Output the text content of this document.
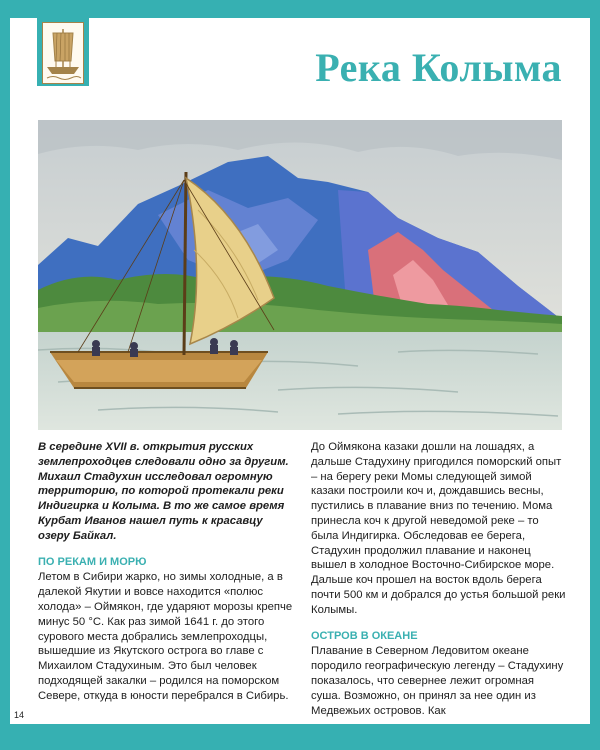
Река Колыма

В середине XVII в. открытия русских землепроходцев следовали одно за другим. Михаил Стадухин исследовал огромную территорию, по которой протекали реки Индигирка и Колыма. В то же самое время Курбат Иванов нашел путь к красавцу озеру Байкал.

ПО РЕКАМ И МОРЮ

Летом в Сибири жарко, но зимы холодные, а в далекой Якутии и вовсе находится «полюс холода» – Оймякон, где ударяют морозы крепче минус 50 °С. Как раз зимой 1641 г. до этого сурового места добрались землепроходцы, вышедшие из Якутского острога во главе с Михаилом Стадухиным. Это был человек подходящей закалки – родился на поморском Севере, откуда в юности перебрался в Сибирь.

До Оймякона казаки дошли на лошадях, а дальше Стадухину пригодился поморский опыт – на берегу реки Момы следующей зимой казаки построили коч и, дождавшись весны, пустились в плавание вниз по течению. Мома принесла коч к другой неведомой реке – то была Индигирка. Обследовав ее берега, Стадухин продолжил плавание и наконец вышел в холодное Восточно-Сибирское море. Дальше коч прошел на восток вдоль берега почти 500 км и добрался до устья большой реки Колымы.

ОСТРОВ В ОКЕАНЕ

Плавание в Северном Ледовитом океане породило географическую легенду – Стадухину показалось, что севернее лежит огромная суша. Возможно, он принял за нее один из Медвежьих островов. Как

14
